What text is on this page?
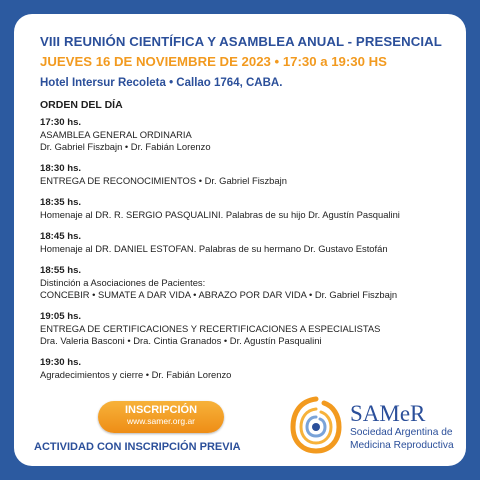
VIII REUNIÓN CIENTÍFICA Y ASAMBLEA ANUAL - PRESENCIAL
JUEVES 16 DE NOVIEMBRE DE 2023 • 17:30 a 19:30 HS
Hotel Intersur Recoleta • Callao 1764, CABA.
ORDEN DEL DÍA
17:30 hs.
ASAMBLEA GENERAL ORDINARIA
Dr. Gabriel Fiszbajn • Dr. Fabián Lorenzo
18:30 hs.
ENTREGA DE RECONOCIMIENTOS • Dr. Gabriel Fiszbajn
18:35 hs.
Homenaje al DR. R. SERGIO PASQUALINI. Palabras de su hijo Dr. Agustín Pasqualini
18:45 hs.
Homenaje al DR. DANIEL ESTOFAN. Palabras de su hermano Dr. Gustavo Estofán
18:55 hs.
Distinción a Asociaciones de Pacientes:
CONCEBIR • SUMATE A DAR VIDA • ABRAZO POR DAR VIDA • Dr. Gabriel Fiszbajn
19:05 hs.
ENTREGA DE CERTIFICACIONES Y RECERTIFICACIONES A ESPECIALISTAS
Dra. Valeria Basconi • Dra. Cintia Granados • Dr. Agustín Pasqualini
19:30 hs.
Agradecimientos y cierre • Dr. Fabián Lorenzo
INSCRIPCIÓN
www.samer.org.ar
ACTIVIDAD CON INSCRIPCIÓN PREVIA
SAMeR
Sociedad Argentina de
Medicina Reproductiva
